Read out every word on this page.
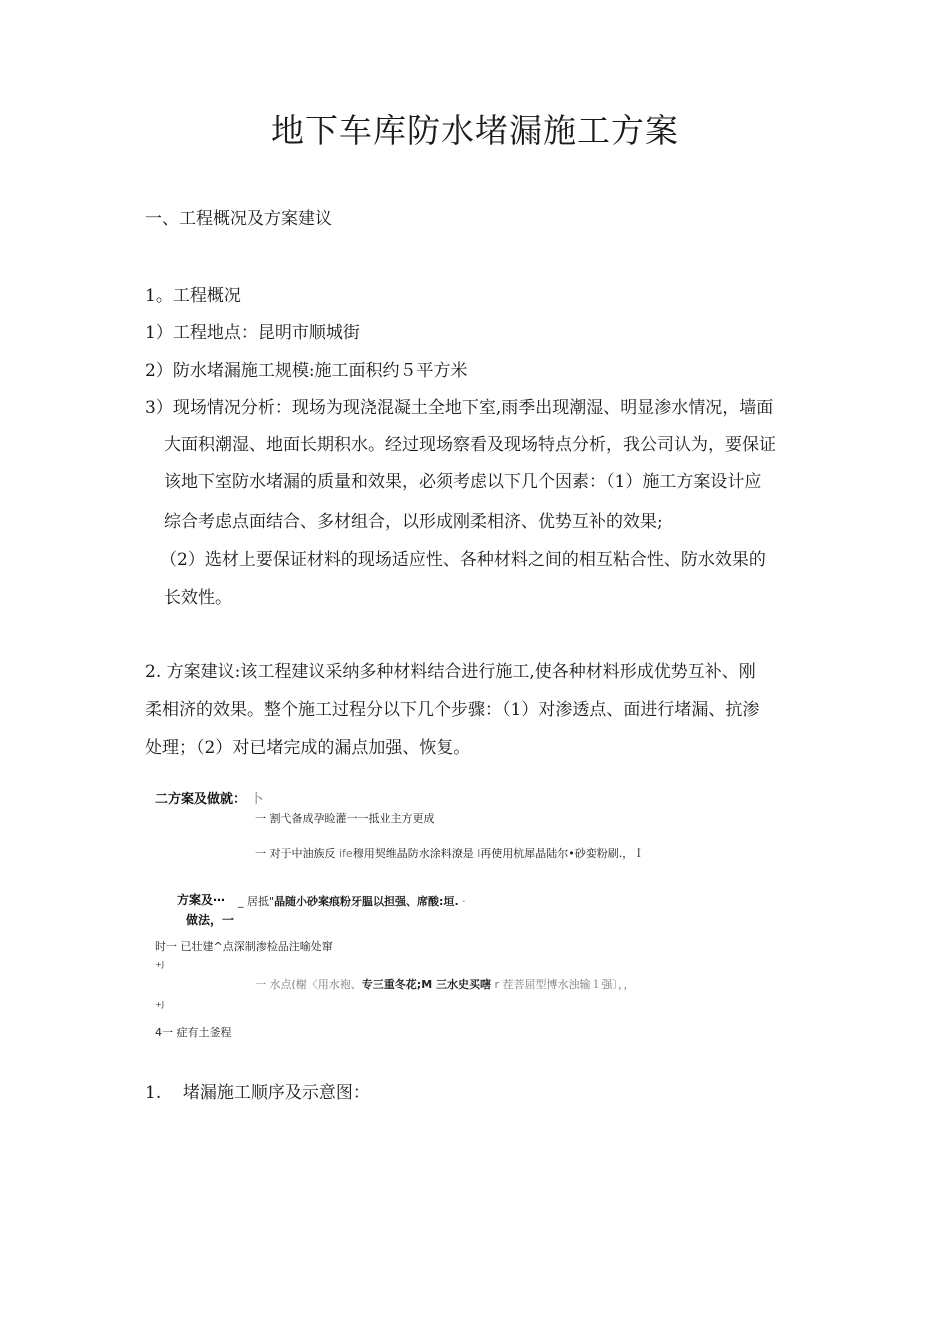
地下车库防水堵漏施工方案
一、工程概况及方案建议
1。工程概况
1）工程地点：昆明市顺城街
2）防水堵漏施工规模:施工面积约５平方米
3）现场情况分析：现场为现浇混凝土全地下室,雨季出现潮湿、明显渗水情况，墙面
大面积潮湿、地面长期积水。经过现场察看及现场特点分析，我公司认为，要保证
该地下室防水堵漏的质量和效果，必须考虑以下几个因素：（1）施工方案设计应
综合考虑点面结合、多材组合，以形成刚柔相济、优势互补的效果;
（2）选材上要保证材料的现场适应性、各种材料之间的相互粘合性、防水效果的
长效性。
2. 方案建议:该工程建议采纳多种材料结合进行施工,使各种材料形成优势互补、刚
柔相济的效果。整个施工过程分以下几个步骤：（1）对渗透点、面进行堵漏、抗渗
处理；（2）对已堵完成的漏点加强、恢复。
二方案及做就： 卜
一 割弋备成孕睑灌一一抵业主方更成
一 对于中油族反 ife穆用契维晶防水涂料潦是 l再使用杭犀晶陆尔•砂娈粉刷.，Ｉ
方案及⋯
做法，一
_ 居抵"晶随小砂案痕粉牙腽以担强、席酸:垣. ·
时一 已壮建^点深制渗检品注喻处窜
+J
一 水点(榭〈用水袍、专三重冬花;M 三水史买嗐 r 茬菩屈型博水浊输１强〕，，
+J
4一 症有土釜程
1.    堵漏施工顺序及示意图：
